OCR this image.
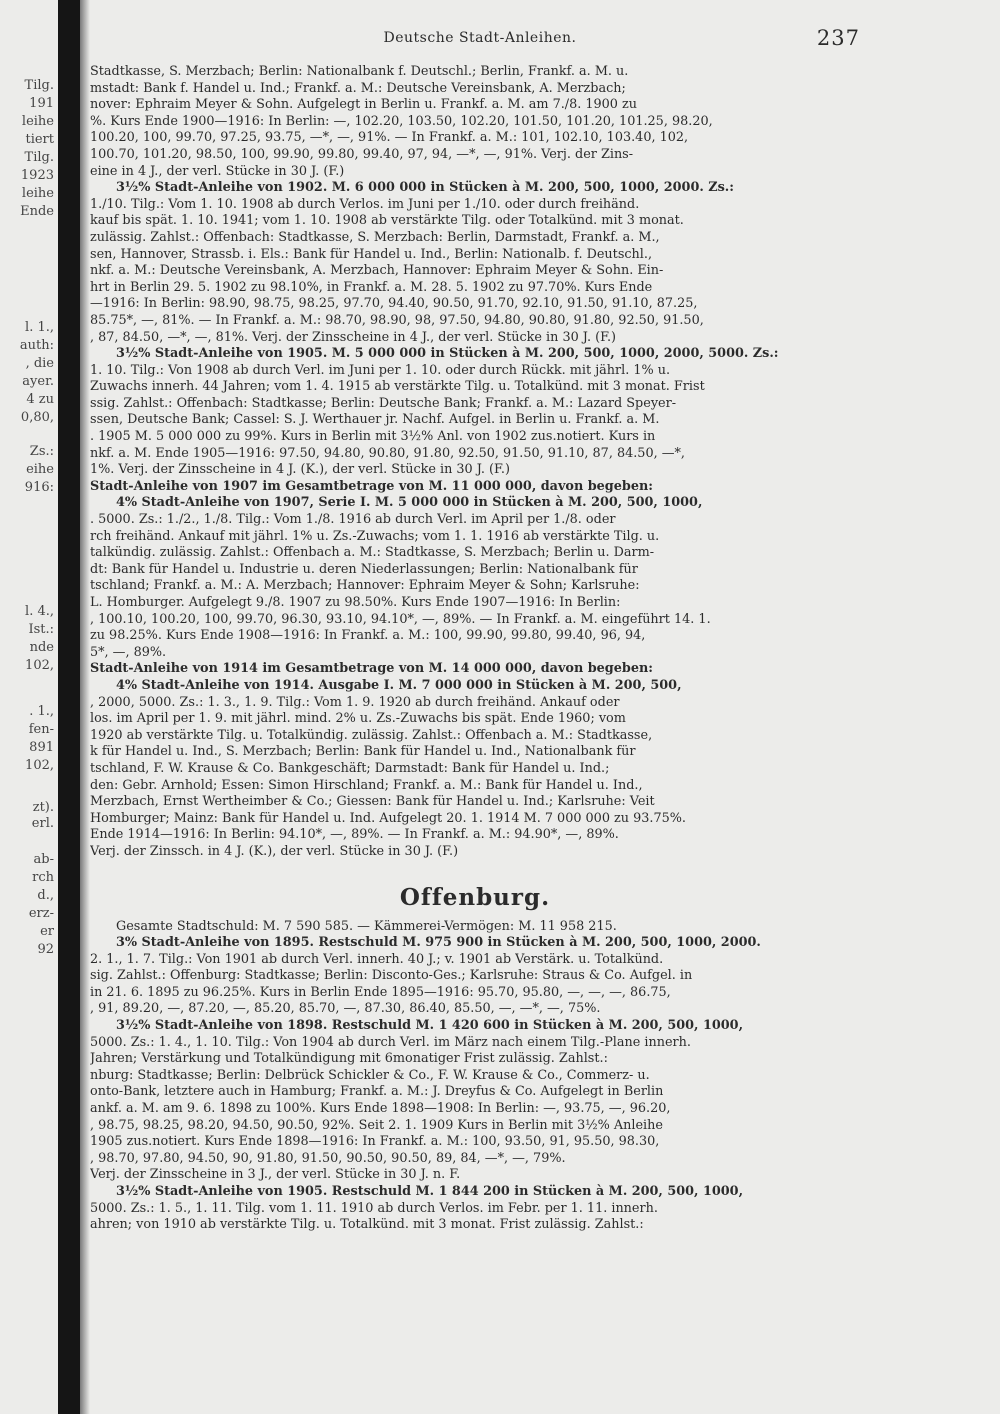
Tilg.
191
leihe
tiert
Tilg.
1923
leihe
Ende
l. 1.,
auth:
, die
ayer.
4 zu
0,80,
Zs.:
eihe
916:
l. 4.,
Ist.:
nde
102,
. 1.,
fen-
891
102,
zt).
erl.
ab-
rch
d.,
erz-
er
92
Deutsche Stadt-Anleihen.	237
Stadtkasse, S. Merzbach; Berlin: Nationalbank f. Deutschl.; Berlin, Frankf. a. M. u.
mstadt: Bank f. Handel u. Ind.; Frankf. a. M.: Deutsche Vereinsbank, A. Merzbach;
nover: Ephraim Meyer & Sohn. Aufgelegt in Berlin u. Frankf. a. M. am 7./8. 1900 zu
%. Kurs Ende 1900—1916: In Berlin: —, 102.20, 103.50, 102.20, 101.50, 101.20, 101.25, 98.20,
100.20, 100, 99.70, 97.25, 93.75, —*, —, 91%. — In Frankf. a. M.: 101, 102.10, 103.40, 102,
100.70, 101.20, 98.50, 100, 99.90, 99.80, 99.40, 97, 94, —*, —, 91%. Verj. der Zins-
eine in 4 J., der verl. Stücke in 30 J. (F.)
3½% Stadt-Anleihe von 1902. M. 6 000 000 in Stücken à M. 200, 500, 1000, 2000. Zs.:
1./10. Tilg.: Vom 1. 10. 1908 ab durch Verlos. im Juni per 1./10. oder durch freihänd.
kauf bis spät. 1. 10. 1941; vom 1. 10. 1908 ab verstärkte Tilg. oder Totalkünd. mit 3 monat.
zulässig. Zahlst.: Offenbach: Stadtkasse, S. Merzbach: Berlin, Darmstadt, Frankf. a. M.,
sen, Hannover, Strassb. i. Els.: Bank für Handel u. Ind., Berlin: Nationalb. f. Deutschl.,
nkf. a. M.: Deutsche Vereinsbank, A. Merzbach, Hannover: Ephraim Meyer & Sohn. Ein-
hrt in Berlin 29. 5. 1902 zu 98.10%, in Frankf. a. M. 28. 5. 1902 zu 97.70%. Kurs Ende
—1916: In Berlin: 98.90, 98.75, 98.25, 97.70, 94.40, 90.50, 91.70, 92.10, 91.50, 91.10, 87.25,
85.75*, —, 81%. — In Frankf. a. M.: 98.70, 98.90, 98, 97.50, 94.80, 90.80, 91.80, 92.50, 91.50,
, 87, 84.50, —*, —, 81%. Verj. der Zinsscheine in 4 J., der verl. Stücke in 30 J. (F.)
3½% Stadt-Anleihe von 1905. M. 5 000 000 in Stücken à M. 200, 500, 1000, 2000, 5000. Zs.:
1. 10. Tilg.: Von 1908 ab durch Verl. im Juni per 1. 10. oder durch Rückk. mit jährl. 1% u.
Zuwachs innerh. 44 Jahren; vom 1. 4. 1915 ab verstärkte Tilg. u. Totalkünd. mit 3 monat. Frist
ssig. Zahlst.: Offenbach: Stadtkasse; Berlin: Deutsche Bank; Frankf. a. M.: Lazard Speyer-
ssen, Deutsche Bank; Cassel: S. J. Werthauer jr. Nachf. Aufgel. in Berlin u. Frankf. a. M.
. 1905 M. 5 000 000 zu 99%. Kurs in Berlin mit 3½% Anl. von 1902 zus.notiert. Kurs in
nkf. a. M. Ende 1905—1916: 97.50, 94.80, 90.80, 91.80, 92.50, 91.50, 91.10, 87, 84.50, —*,
1%. Verj. der Zinsscheine in 4 J. (K.), der verl. Stücke in 30 J. (F.)
Stadt-Anleihe von 1907 im Gesamtbetrage von M. 11 000 000, davon begeben:
4% Stadt-Anleihe von 1907, Serie I. M. 5 000 000 in Stücken à M. 200, 500, 1000,
. 5000. Zs.: 1./2., 1./8. Tilg.: Vom 1./8. 1916 ab durch Verl. im April per 1./8. oder
rch freihänd. Ankauf mit jährl. 1% u. Zs.-Zuwachs; vom 1. 1. 1916 ab verstärkte Tilg. u.
talkündig. zulässig. Zahlst.: Offenbach a. M.: Stadtkasse, S. Merzbach; Berlin u. Darm-
dt: Bank für Handel u. Industrie u. deren Niederlassungen; Berlin: Nationalbank für
tschland; Frankf. a. M.: A. Merzbach; Hannover: Ephraim Meyer & Sohn; Karlsruhe:
L. Homburger. Aufgelegt 9./8. 1907 zu 98.50%. Kurs Ende 1907—1916: In Berlin:
, 100.10, 100.20, 100, 99.70, 96.30, 93.10, 94.10*, —, 89%. — In Frankf. a. M. eingeführt 14. 1.
zu 98.25%. Kurs Ende 1908—1916: In Frankf. a. M.: 100, 99.90, 99.80, 99.40, 96, 94,
5*, —, 89%.
Stadt-Anleihe von 1914 im Gesamtbetrage von M. 14 000 000, davon begeben:
4% Stadt-Anleihe von 1914. Ausgabe I. M. 7 000 000 in Stücken à M. 200, 500,
, 2000, 5000. Zs.: 1. 3., 1. 9. Tilg.: Vom 1. 9. 1920 ab durch freihänd. Ankauf oder
los. im April per 1. 9. mit jährl. mind. 2% u. Zs.-Zuwachs bis spät. Ende 1960; vom
1920 ab verstärkte Tilg. u. Totalkündig. zulässig. Zahlst.: Offenbach a. M.: Stadtkasse,
k für Handel u. Ind., S. Merzbach; Berlin: Bank für Handel u. Ind., Nationalbank für
tschland, F. W. Krause & Co. Bankgeschäft; Darmstadt: Bank für Handel u. Ind.;
den: Gebr. Arnhold; Essen: Simon Hirschland; Frankf. a. M.: Bank für Handel u. Ind.,
Merzbach, Ernst Wertheimber & Co.; Giessen: Bank für Handel u. Ind.; Karlsruhe: Veit
Homburger; Mainz: Bank für Handel u. Ind. Aufgelegt 20. 1. 1914 M. 7 000 000 zu 93.75%.
Ende 1914—1916: In Berlin: 94.10*, —, 89%. — In Frankf. a. M.: 94.90*, —, 89%.
Verj. der Zinssch. in 4 J. (K.), der verl. Stücke in 30 J. (F.)
Offenburg.
Gesamte Stadtschuld: M. 7 590 585. — Kämmerei-Vermögen: M. 11 958 215.
3% Stadt-Anleihe von 1895. Restschuld M. 975 900 in Stücken à M. 200, 500, 1000, 2000.
2. 1., 1. 7. Tilg.: Von 1901 ab durch Verl. innerh. 40 J.; v. 1901 ab Verstärk. u. Totalkünd.
sig. Zahlst.: Offenburg: Stadtkasse; Berlin: Disconto-Ges.; Karlsruhe: Straus & Co. Aufgel. in
in 21. 6. 1895 zu 96.25%. Kurs in Berlin Ende 1895—1916: 95.70, 95.80, —, —, —, 86.75,
, 91, 89.20, —, 87.20, —, 85.20, 85.70, —, 87.30, 86.40, 85.50, —, —*, —, 75%.
3½% Stadt-Anleihe von 1898. Restschuld M. 1 420 600 in Stücken à M. 200, 500, 1000,
5000. Zs.: 1. 4., 1. 10. Tilg.: Von 1904 ab durch Verl. im März nach einem Tilg.-Plane innerh.
Jahren; Verstärkung und Totalkündigung mit 6monatiger Frist zulässig. Zahlst.:
nburg: Stadtkasse; Berlin: Delbrück Schickler & Co., F. W. Krause & Co., Commerz- u.
onto-Bank, letztere auch in Hamburg; Frankf. a. M.: J. Dreyfus & Co. Aufgelegt in Berlin
ankf. a. M. am 9. 6. 1898 zu 100%. Kurs Ende 1898—1908: In Berlin: —, 93.75, —, 96.20,
, 98.75, 98.25, 98.20, 94.50, 90.50, 92%. Seit 2. 1. 1909 Kurs in Berlin mit 3½% Anleihe
1905 zus.notiert. Kurs Ende 1898—1916: In Frankf. a. M.: 100, 93.50, 91, 95.50, 98.30,
, 98.70, 97.80, 94.50, 90, 91.80, 91.50, 90.50, 90.50, 89, 84, —*, —, 79%.
Verj. der Zinsscheine in 3 J., der verl. Stücke in 30 J. n. F.
3½% Stadt-Anleihe von 1905. Restschuld M. 1 844 200 in Stücken à M. 200, 500, 1000,
5000. Zs.: 1. 5., 1. 11. Tilg. vom 1. 11. 1910 ab durch Verlos. im Febr. per 1. 11. innerh.
ahren; von 1910 ab verstärkte Tilg. u. Totalkünd. mit 3 monat. Frist zulässig. Zahlst.:
